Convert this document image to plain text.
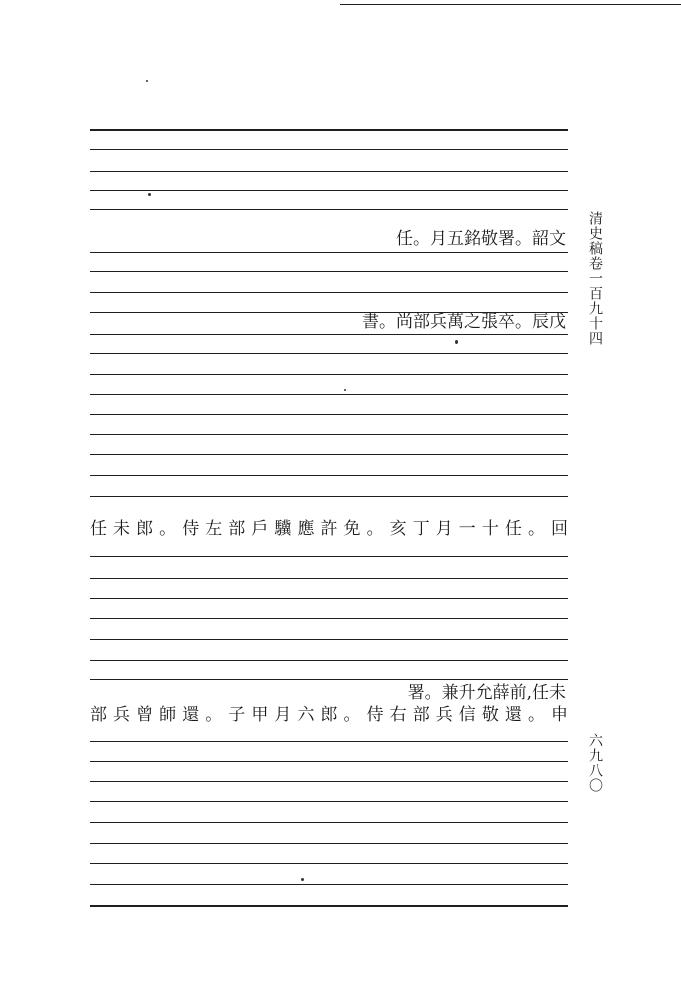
任。月五銘敬署。韶文
書。尚部兵萬之張卒。辰戊
任未郎。侍左部戶驥應許免。亥丁月一十任。回
署。兼升允薛前,任未
部兵曾師還。子甲月六郎。侍右部兵信敬還。申
清史稿卷一百九十四
六九八〇
